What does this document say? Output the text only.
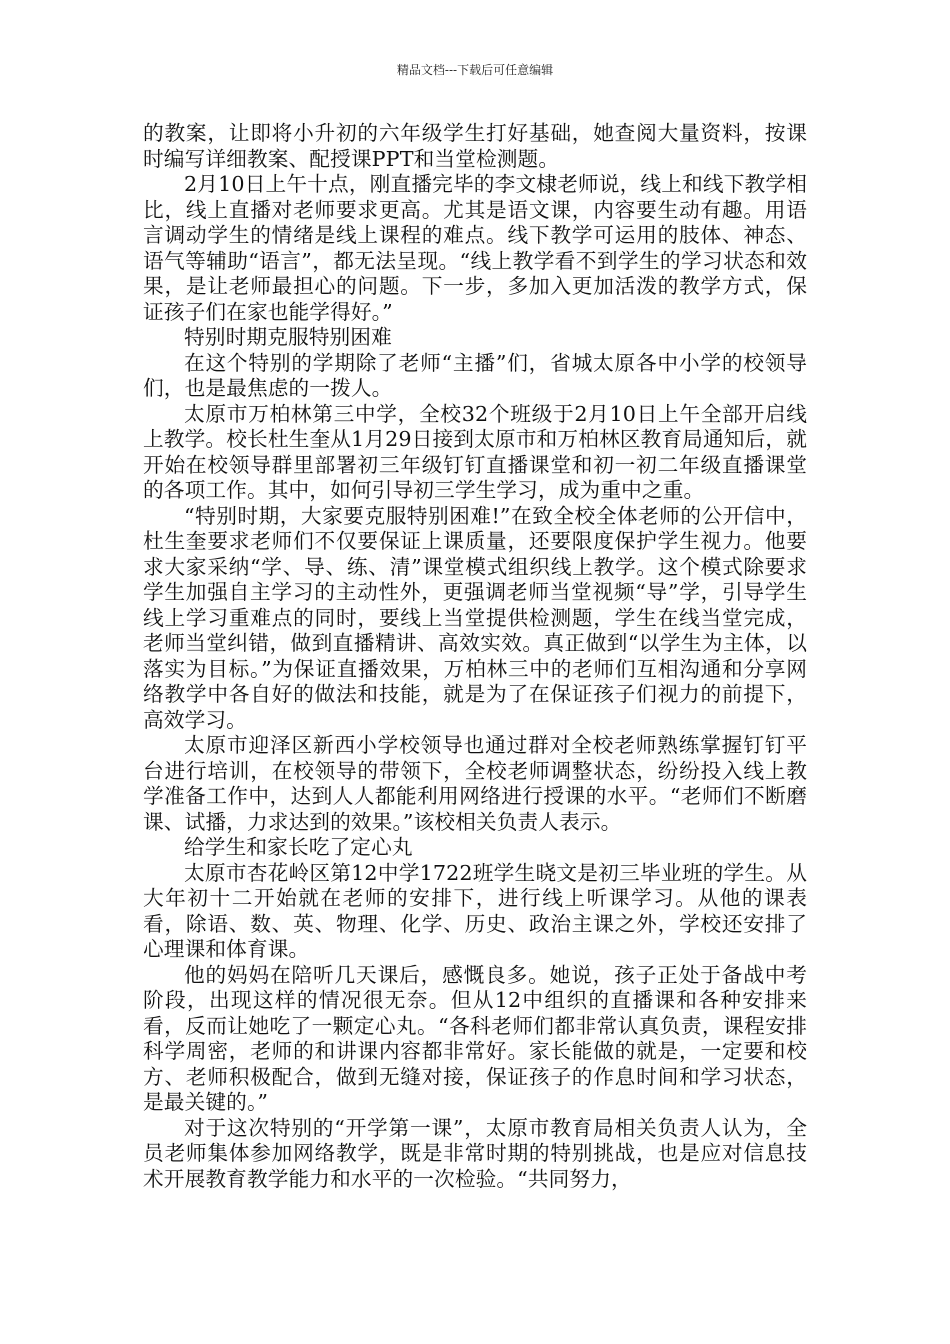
精品文档---下载后可任意编辑

的教案，让即将小升初的六年级学生打好基础，她查阅大量资料，按课时编写详细教案、配授课PPT和当堂检测题。

2月10日上午十点，刚直播完毕的李文棣老师说，线上和线下教学相比，线上直播对老师要求更高。尤其是语文课，内容要生动有趣。用语言调动学生的情绪是线上课程的难点。线下教学可运用的肢体、神态、语气等辅助“语言”，都无法呈现。“线上教学看不到学生的学习状态和效果，是让老师最担心的问题。下一步，多加入更加活泼的教学方式，保证孩子们在家也能学得好。”

特别时期克服特别困难

在这个特别的学期除了老师“主播”们，省城太原各中小学的校领导们，也是最焦虑的一拨人。

太原市万柏林第三中学，全校32个班级于2月10日上午全部开启线上教学。校长杜生奎从1月29日接到太原市和万柏林区教育局通知后，就开始在校领导群里部署初三年级钉钉直播课堂和初一初二年级直播课堂的各项工作。其中，如何引导初三学生学习，成为重中之重。

“特别时期，大家要克服特别困难!”在致全校全体老师的公开信中，杜生奎要求老师们不仅要保证上课质量，还要限度保护学生视力。他要求大家采纳“学、导、练、清”课堂模式组织线上教学。这个模式除要求学生加强自主学习的主动性外，更强调老师当堂视频“导”学，引导学生线上学习重难点的同时，要线上当堂提供检测题，学生在线当堂完成，老师当堂纠错，做到直播精讲、高效实效。真正做到“以学生为主体，以落实为目标。”为保证直播效果，万柏林三中的老师们互相沟通和分享网络教学中各自好的做法和技能，就是为了在保证孩子们视力的前提下，高效学习。

太原市迎泽区新西小学校领导也通过群对全校老师熟练掌握钉钉平台进行培训，在校领导的带领下，全校老师调整状态，纷纷投入线上教学准备工作中，达到人人都能利用网络进行授课的水平。“老师们不断磨课、试播，力求达到的效果。”该校相关负责人表示。

给学生和家长吃了定心丸

太原市杏花岭区第12中学1722班学生晓文是初三毕业班的学生。从大年初十二开始就在老师的安排下，进行线上听课学习。从他的课表看，除语、数、英、物理、化学、历史、政治主课之外，学校还安排了心理课和体育课。

他的妈妈在陪听几天课后，感慨良多。她说，孩子正处于备战中考阶段，出现这样的情况很无奈。但从12中组织的直播课和各种安排来看，反而让她吃了一颗定心丸。“各科老师们都非常认真负责，课程安排科学周密，老师的和讲课内容都非常好。家长能做的就是，一定要和校方、老师积极配合，做到无缝对接，保证孩子的作息时间和学习状态，是最关键的。”

对于这次特别的“开学第一课”，太原市教育局相关负责人认为，全员老师集体参加网络教学，既是非常时期的特别挑战，也是应对信息技术开展教育教学能力和水平的一次检验。“共同努力，
